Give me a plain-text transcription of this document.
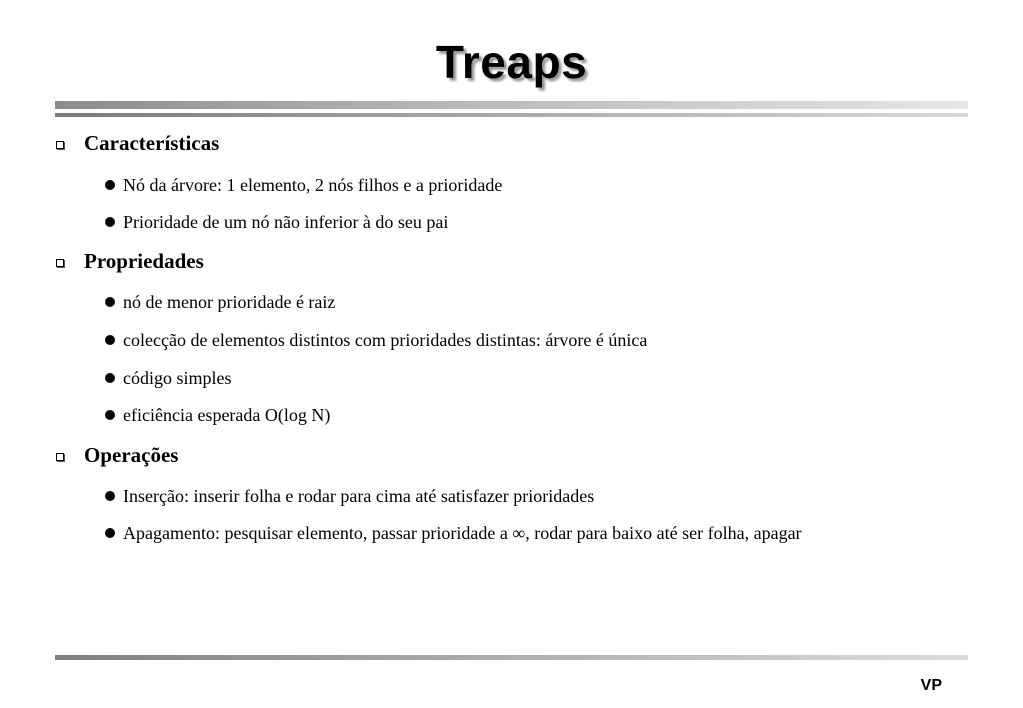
Treaps
Características
Nó da árvore: 1 elemento, 2 nós filhos e a prioridade
Prioridade de um nó não inferior à do seu pai
Propriedades
nó de menor prioridade é raiz
colecção de elementos distintos com prioridades distintas: árvore é única
código simples
eficiência esperada O(log N)
Operações
Inserção: inserir folha e rodar para cima até satisfazer prioridades
Apagamento: pesquisar elemento, passar prioridade a ∞, rodar para baixo até ser folha, apagar
VP
